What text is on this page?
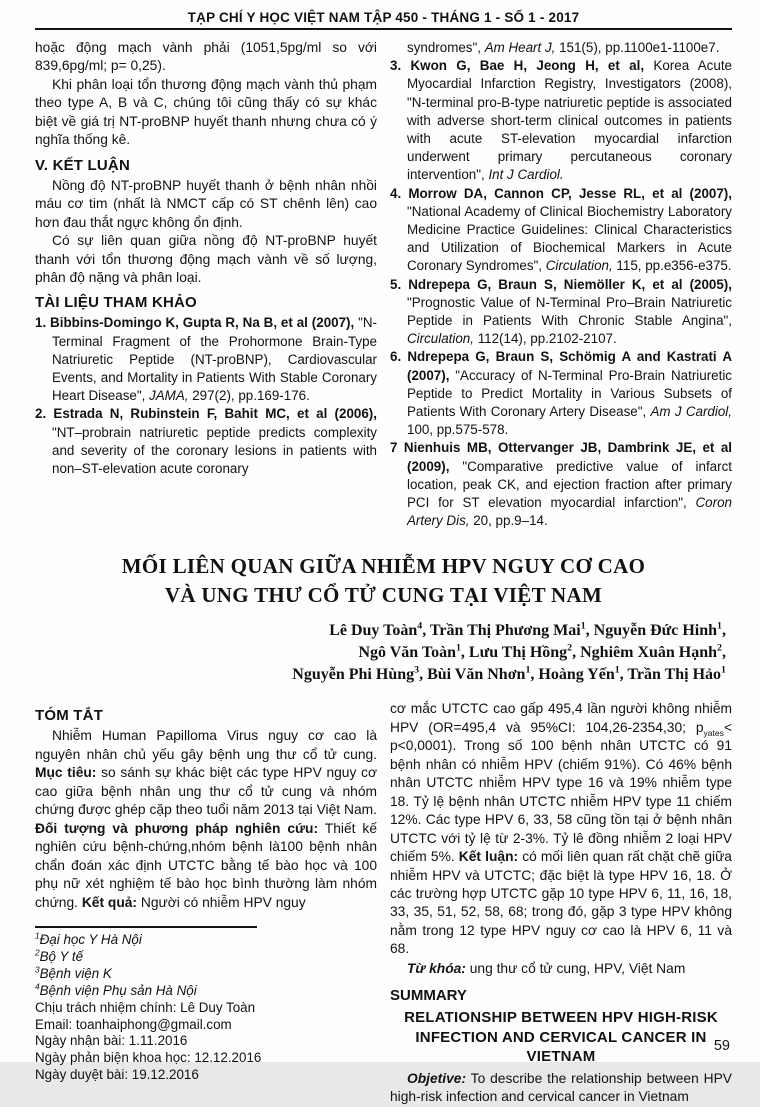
TẠP CHÍ Y HỌC VIỆT NAM TẬP 450 - THÁNG 1 - SỐ 1 - 2017

hoặc động mạch vành phải (1051,5pg/ml so với 839,6pg/ml; p= 0,25).

Khi phân loại tổn thương động mạch vành thủ phạm theo type A, B và C, chúng tôi cũng thấy có sự khác biệt về giá trị NT-proBNP huyết thanh nhưng chưa có ý nghĩa thống kê.

V. KẾT LUẬN

Nồng độ NT-proBNP huyết thanh ở bệnh nhân nhồi máu cơ tim (nhất là NMCT cấp có ST chênh lên) cao hơn đau thắt ngực không ổn định.

Có sự liên quan giữa nồng độ NT-proBNP huyết thanh với tổn thương động mạch vành về số lượng, phân độ nặng và phân loại.

TÀI LIỆU THAM KHẢO

1. Bibbins-Domingo K, Gupta R, Na B, et al (2007), "N-Terminal Fragment of the Prohormone Brain-Type Natriuretic Peptide (NT-proBNP), Cardiovascular Events, and Mortality in Patients With Stable Coronary Heart Disease", JAMA, 297(2), pp.169-176.

2. Estrada N, Rubinstein F, Bahit MC, et al (2006), "NT–probrain natriuretic peptide predicts complexity and severity of the coronary lesions in patients with non–ST-elevation acute coronary

syndromes", Am Heart J, 151(5), pp.1100e1-1100e7.

3. Kwon G, Bae H, Jeong H, et al, Korea Acute Myocardial Infarction Registry, Investigators (2008), "N-terminal pro-B-type natriuretic peptide is associated with adverse short-term clinical outcomes in patients with acute ST-elevation myocardial infarction underwent primary percutaneous coronary intervention", Int J Cardiol.

4. Morrow DA, Cannon CP, Jesse RL, et al (2007), "National Academy of Clinical Biochemistry Laboratory Medicine Practice Guidelines: Clinical Characteristics and Utilization of Biochemical Markers in Acute Coronary Syndromes", Circulation, 115, pp.e356-e375.

5. Ndrepepa G, Braun S, Niemöller K, et al (2005), "Prognostic Value of N-Terminal Pro–Brain Natriuretic Peptide in Patients With Chronic Stable Angina", Circulation, 112(14), pp.2102-2107.

6. Ndrepepa G, Braun S, Schömig A and Kastrati A (2007), "Accuracy of N-Terminal Pro-Brain Natriuretic Peptide to Predict Mortality in Various Subsets of Patients With Coronary Artery Disease", Am J Cardiol, 100, pp.575-578.

7 Nienhuis MB, Ottervanger JB, Dambrink JE, et al (2009), "Comparative predictive value of infarct location, peak CK, and ejection fraction after primary PCI for ST elevation myocardial infarction", Coron Artery Dis, 20, pp.9–14.

MỐI LIÊN QUAN GIỮA NHIỄM HPV NGUY CƠ CAO
VÀ UNG THƯ CỔ TỬ CUNG TẠI VIỆT NAM
Lê Duy Toàn$^4$, Trần Thị Phương Mai$^1$, Nguyễn Đức Hinh$^1$,
Ngô Văn Toàn$^1$, Lưu Thị Hồng$^2$, Nghiêm Xuân Hạnh$^2$,
Nguyễn Phi Hùng$^3$, Bùi Văn Nhơn$^1$, Hoàng Yến$^1$, Trần Thị Hảo$^1$
TÓM TẮT

Nhiễm Human Papilloma Virus nguy cơ cao là nguyên nhân chủ yếu gây bệnh ung thư cổ tử cung. Mục tiêu: so sánh sự khác biệt các type HPV nguy cơ cao giữa bệnh nhân ung thư cổ tử cung và nhóm chứng được ghép cặp theo tuổi năm 2013 tại Việt Nam. Đối tượng và phương pháp nghiên cứu: Thiết kế nghiên cứu bệnh-chứng,nhóm bệnh là100 bệnh nhân chẩn đoán xác định UTCTC bằng tế bào học và 100 phụ nữ xét nghiệm tế bào học bình thường làm nhóm chứng. Kết quả: Người có nhiễm HPV nguy

$^1$Đại học Y Hà Nội
$^2$Bộ Y tế
$^3$Bệnh viện K
$^4$Bệnh viện Phụ sản Hà Nội
Chịu trách nhiệm chính: Lê Duy Toàn
Email: toanhaiphong@gmail.com
Ngày nhận bài: 1.11.2016
Ngày phản biện khoa học: 12.12.2016
Ngày duyệt bài: 19.12.2016

cơ mắc UTCTC cao gấp 495,4 lần người không nhiễm HPV (OR=495,4 và 95%CI: 104,26-2354,30; $p_{yates}< p<0,0001$). Trong số 100 bệnh nhân UTCTC có 91 bệnh nhân có nhiễm HPV (chiếm 91%). Có 46% bệnh nhân UTCTC nhiễm HPV type 16 và 19% nhiễm type 18. Tỷ lệ bệnh nhân UTCTC nhiễm HPV type 11 chiếm 12%. Các type HPV 6, 33, 58 cũng tồn tại ở bệnh nhân UTCTC với tỷ lệ từ 2-3%. Tỷ lê đồng nhiễm 2 loại HPV chiếm 5%. Kết luận: có mối liên quan rất chặt chẽ giữa nhiễm HPV và UTCTC; đặc biệt là type HPV 16, 18. Ở các trường hợp UTCTC gặp 10 type HPV 6, 11, 16, 18, 33, 35, 51, 52, 58, 68; trong đó, gặp 3 type HPV không nằm trong 12 type HPV nguy cơ cao là HPV 6, 11 và 68.

Từ khóa: ung thư cổ tử cung, HPV, Việt Nam

SUMMARY
RELATIONSHIP BETWEEN HPV HIGH-RISK INFECTION AND CERVICAL CANCER IN VIETNAM

Objetive: To describe the relationship between HPV high-risk infection and cervical cancer in Vietnam

59
